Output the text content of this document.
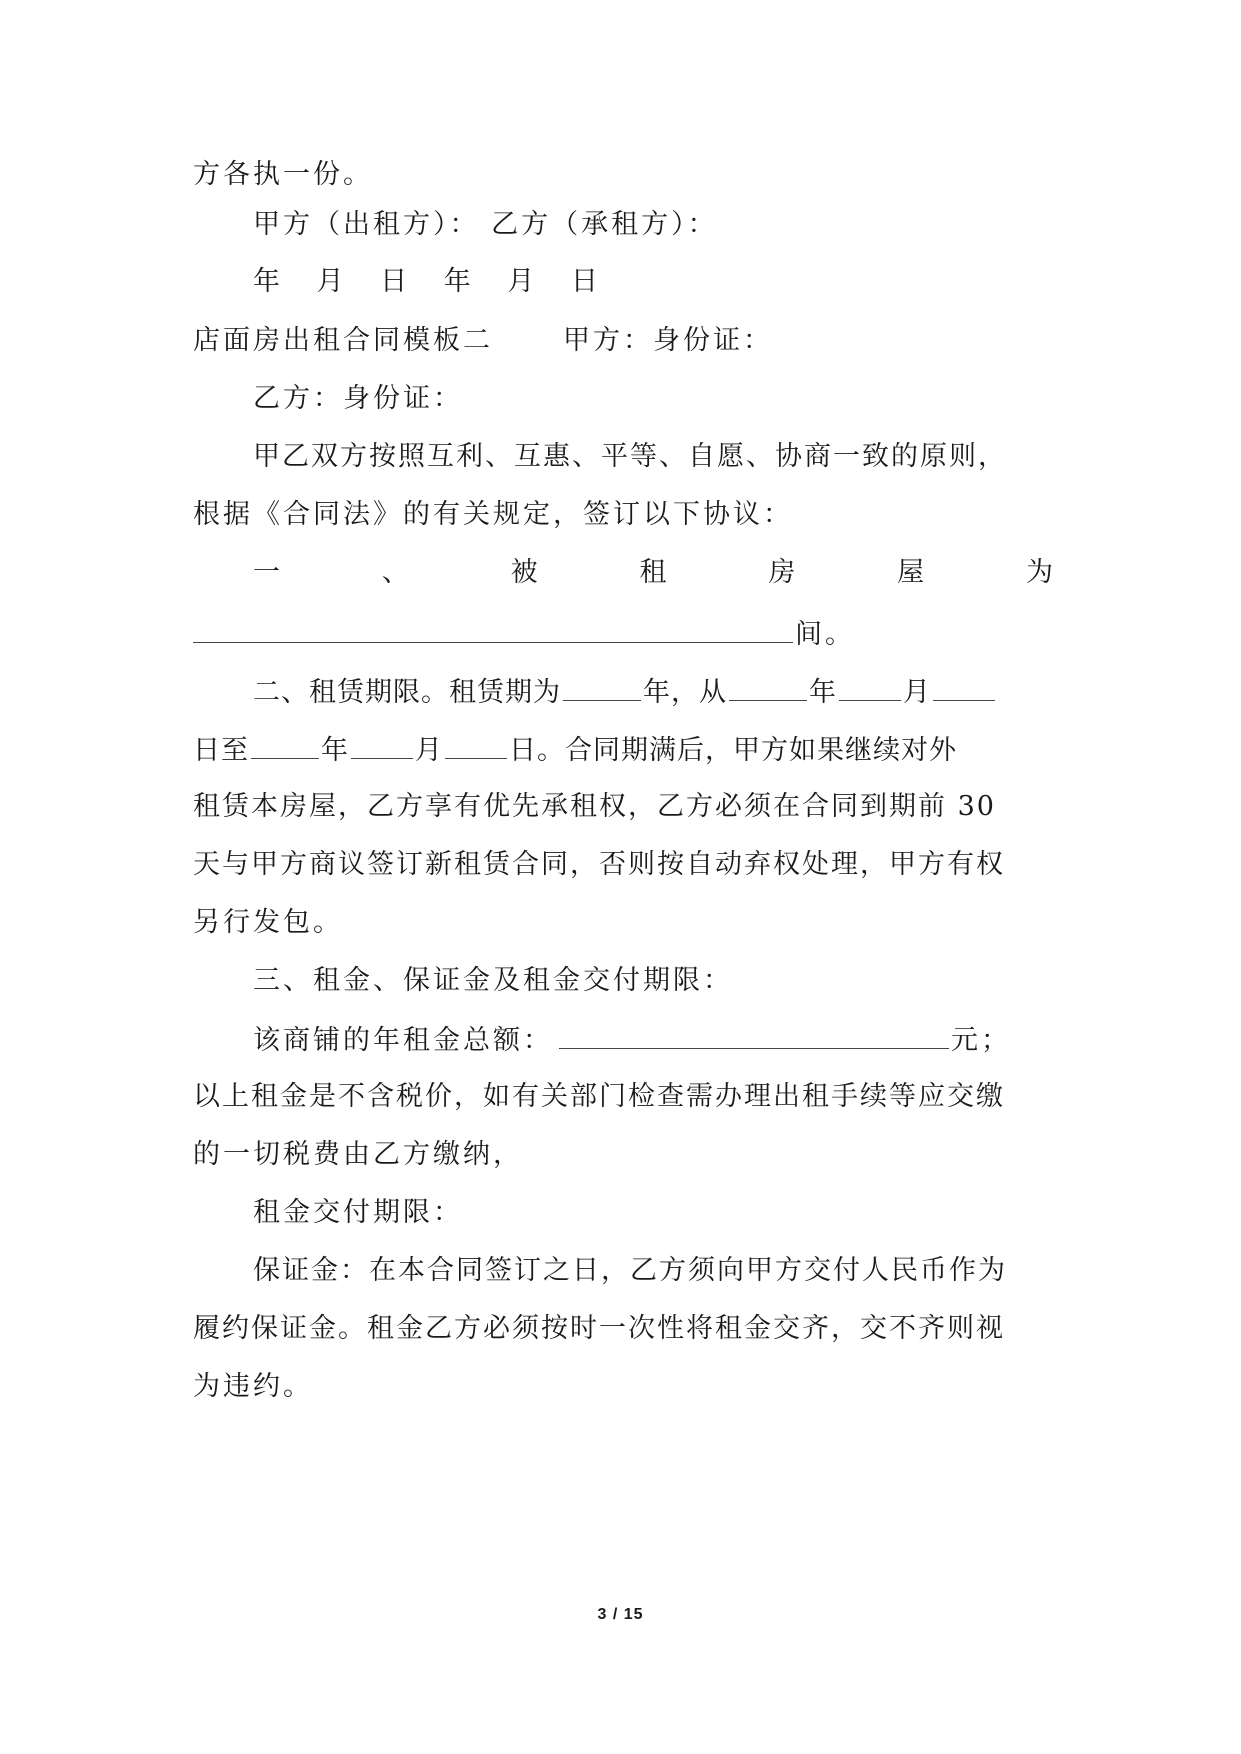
方各执一份。
甲方（出租方）： 乙方（承租方）：
年 月 日 年 月 日
店面房出租合同模板二	甲方：身份证：
乙方：身份证：
甲乙双方按照互利、互惠、平等、自愿、协商一致的原则，
根据《合同法》的有关规定，签订以下协议：
一	、	被	租	房	屋	为
间。
二、租赁期限。租赁期为	年，从	年 月
日至	年 月 日。合同期满后，甲方如果继续对外
租赁本房屋，乙方享有优先承租权，乙方必须在合同到期前 30
天与甲方商议签订新租赁合同，否则按自动弃权处理，甲方有权
另行发包。
三、租金、保证金及租金交付期限：
该商铺的年租金总额：	元；
以上租金是不含税价，如有关部门检查需办理出租手续等应交缴
的一切税费由乙方缴纳，
租金交付期限：
保证金：在本合同签订之日，乙方须向甲方交付人民币作为
履约保证金。租金乙方必须按时一次性将租金交齐，交不齐则视
为违约。
3 / 15
